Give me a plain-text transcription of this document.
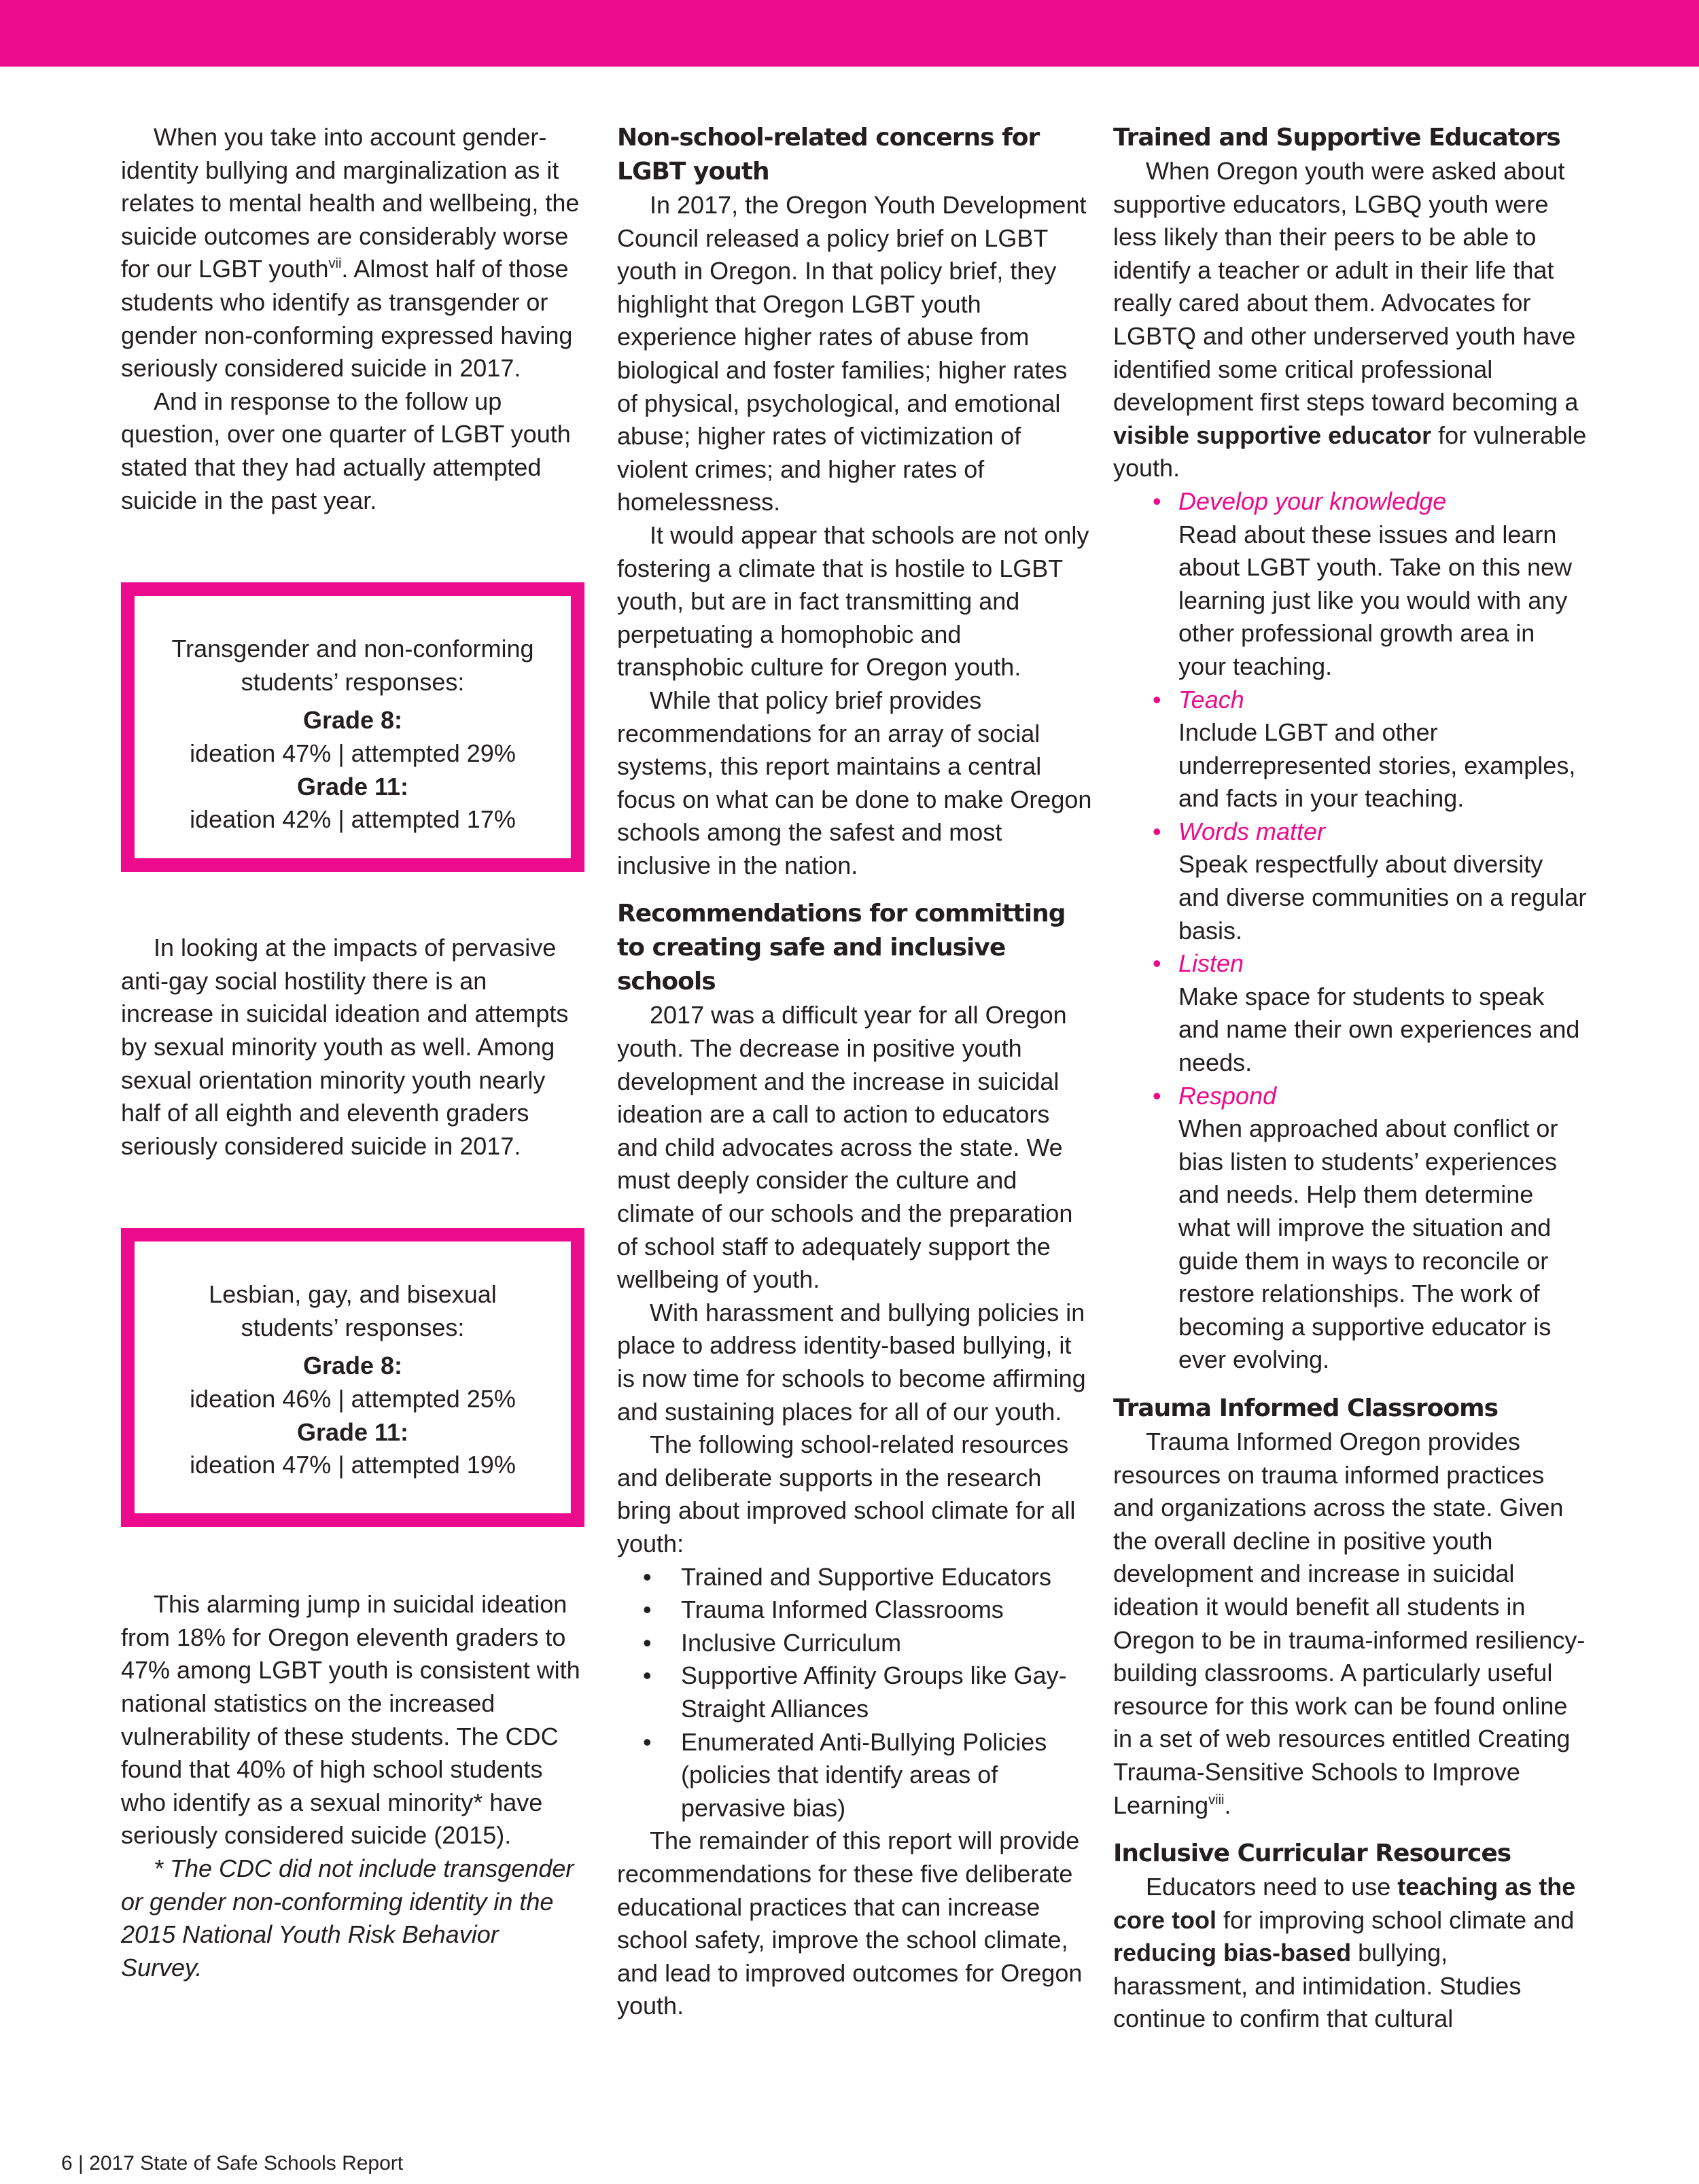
When you take into account gender-identity bullying and marginalization as it relates to mental health and wellbeing, the suicide outcomes are considerably worse for our LGBT youth$^{vii}$. Almost half of those students who identify as transgender or gender non-conforming expressed having seriously considered suicide in 2017.

And in response to the follow up question, over one quarter of LGBT youth stated that they had actually attempted suicide in the past year.

Transgender and non-conforming
students’ responses:
Grade 8:
ideation 47% | attempted 29%
Grade 11:
ideation 42% | attempted 17%

In looking at the impacts of pervasive anti-gay social hostility there is an increase in suicidal ideation and attempts by sexual minority youth as well. Among sexual orientation minority youth nearly half of all eighth and eleventh graders seriously considered suicide in 2017.

Lesbian, gay, and bisexual
students’ responses:
Grade 8:
ideation 46% | attempted 25%
Grade 11:
ideation 47% | attempted 19%

This alarming jump in suicidal ideation from 18% for Oregon eleventh graders to 47% among LGBT youth is consistent with national statistics on the increased vulnerability of these students. The CDC found that 40% of high school students who identify as a sexual minority* have seriously considered suicide (2015).

* The CDC did not include transgender or gender non-conforming identity in the 2015 National Youth Risk Behavior Survey.

Non-school-related concerns for LGBT youth

In 2017, the Oregon Youth Development Council released a policy brief on LGBT youth in Oregon. In that policy brief, they highlight that Oregon LGBT youth experience higher rates of abuse from biological and foster families; higher rates of physical, psychological, and emotional abuse; higher rates of victimization of violent crimes; and higher rates of homelessness.

It would appear that schools are not only fostering a climate that is hostile to LGBT youth, but are in fact transmitting and perpetuating a homophobic and transphobic culture for Oregon youth.

While that policy brief provides recommendations for an array of social systems, this report maintains a central focus on what can be done to make Oregon schools among the safest and most inclusive in the nation.

Recommendations for committing to creating safe and inclusive schools

2017 was a difficult year for all Oregon youth. The decrease in positive youth development and the increase in suicidal ideation are a call to action to educators and child advocates across the state. We must deeply consider the culture and climate of our schools and the preparation of school staff to adequately support the wellbeing of youth.

With harassment and bullying policies in place to address identity-based bullying, it is now time for schools to become affirming and sustaining places for all of our youth.

The following school-related resources and deliberate supports in the research bring about improved school climate for all youth:

• Trained and Supportive Educators
• Trauma Informed Classrooms
• Inclusive Curriculum
• Supportive Affinity Groups like Gay-Straight Alliances
• Enumerated Anti-Bullying Policies (policies that identify areas of pervasive bias)

The remainder of this report will provide recommendations for these five deliberate educational practices that can increase school safety, improve the school climate, and lead to improved outcomes for Oregon youth.

Trained and Supportive Educators

When Oregon youth were asked about supportive educators, LGBQ youth were less likely than their peers to be able to identify a teacher or adult in their life that really cared about them. Advocates for LGBTQ and other underserved youth have identified some critical professional development first steps toward becoming a visible supportive educator for vulnerable youth.

• Develop your knowledge
Read about these issues and learn about LGBT youth. Take on this new learning just like you would with any other professional growth area in your teaching.
• Teach
Include LGBT and other underrepresented stories, examples, and facts in your teaching.
• Words matter
Speak respectfully about diversity and diverse communities on a regular basis.
• Listen
Make space for students to speak and name their own experiences and needs.
• Respond
When approached about conflict or bias listen to students’ experiences and needs. Help them determine what will improve the situation and guide them in ways to reconcile or restore relationships. The work of becoming a supportive educator is ever evolving.
Trauma Informed Classrooms

Trauma Informed Oregon provides resources on trauma informed practices and organizations across the state. Given the overall decline in positive youth development and increase in suicidal ideation it would benefit all students in Oregon to be in trauma-informed resiliency-building classrooms. A particularly useful resource for this work can be found online in a set of web resources entitled Creating Trauma-Sensitive Schools to Improve Learning$^{viii}$.

Inclusive Curricular Resources

Educators need to use teaching as the core tool for improving school climate and reducing bias-based bullying, harassment, and intimidation. Studies continue to confirm that cultural

6 | 2017 State of Safe Schools Report
